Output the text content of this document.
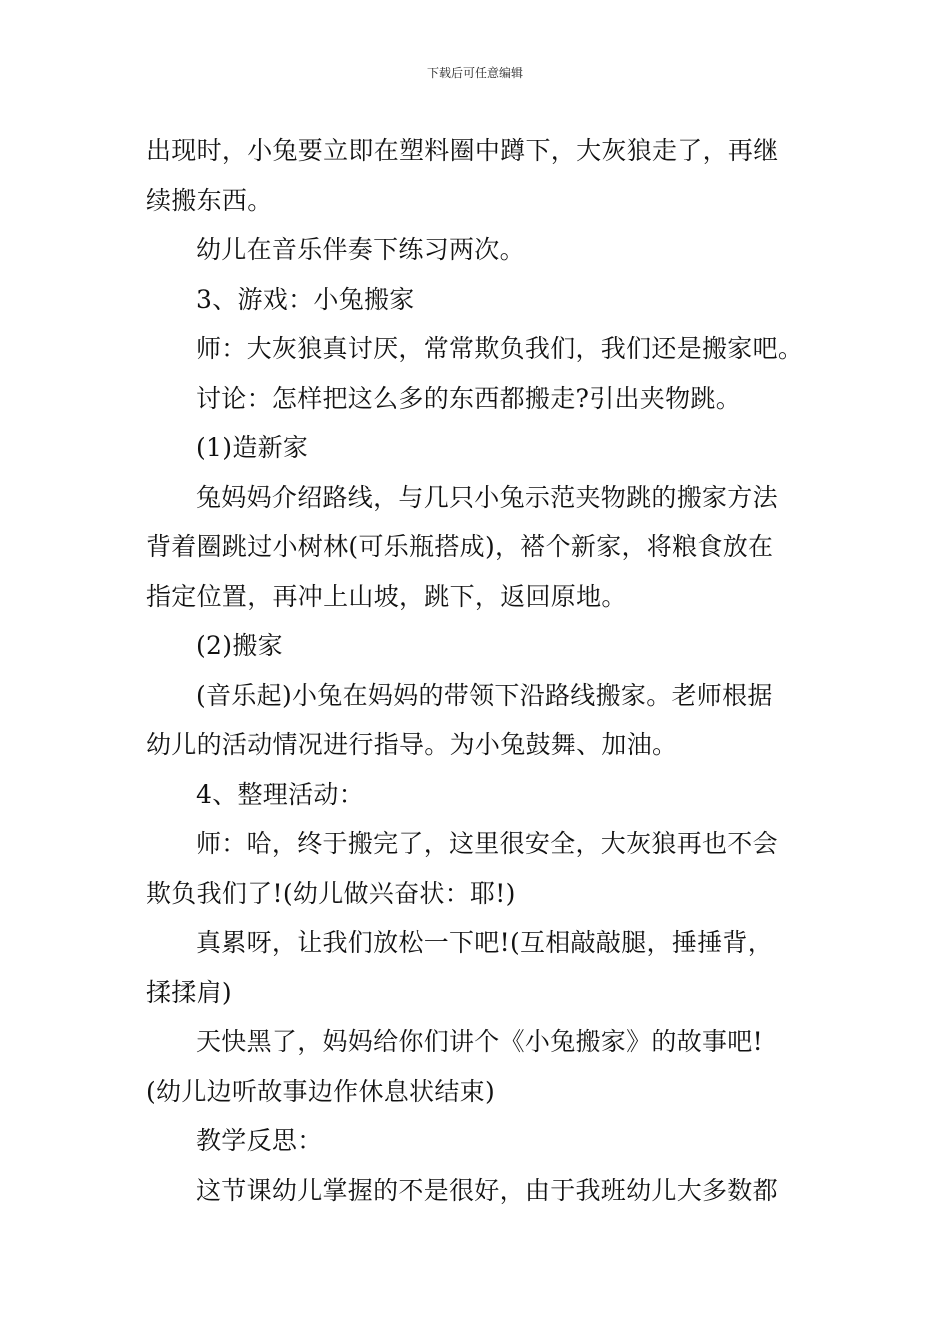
下载后可任意编辑
出现时，小兔要立即在塑料圈中蹲下，大灰狼走了，再继
续搬东西。
幼儿在音乐伴奏下练习两次。
3、游戏：小兔搬家
师：大灰狼真讨厌，常常欺负我们，我们还是搬家吧。
讨论：怎样把这么多的东西都搬走?引出夹物跳。
(1)造新家
兔妈妈介绍路线，与几只小兔示范夹物跳的搬家方法
背着圈跳过小树林(可乐瓶搭成)，褡个新家，将粮食放在
指定位置，再冲上山坡，跳下，返回原地。
(2)搬家
(音乐起)小兔在妈妈的带领下沿路线搬家。老师根据
幼儿的活动情况进行指导。为小兔鼓舞、加油。
4、整理活动：
师：哈，终于搬完了，这里很安全，大灰狼再也不会
欺负我们了!(幼儿做兴奋状：耶!)
真累呀，让我们放松一下吧!(互相敲敲腿，捶捶背，
揉揉肩)
天快黑了，妈妈给你们讲个《小兔搬家》的故事吧!
(幼儿边听故事边作休息状结束)
教学反思：
这节课幼儿掌握的不是很好，由于我班幼儿大多数都
